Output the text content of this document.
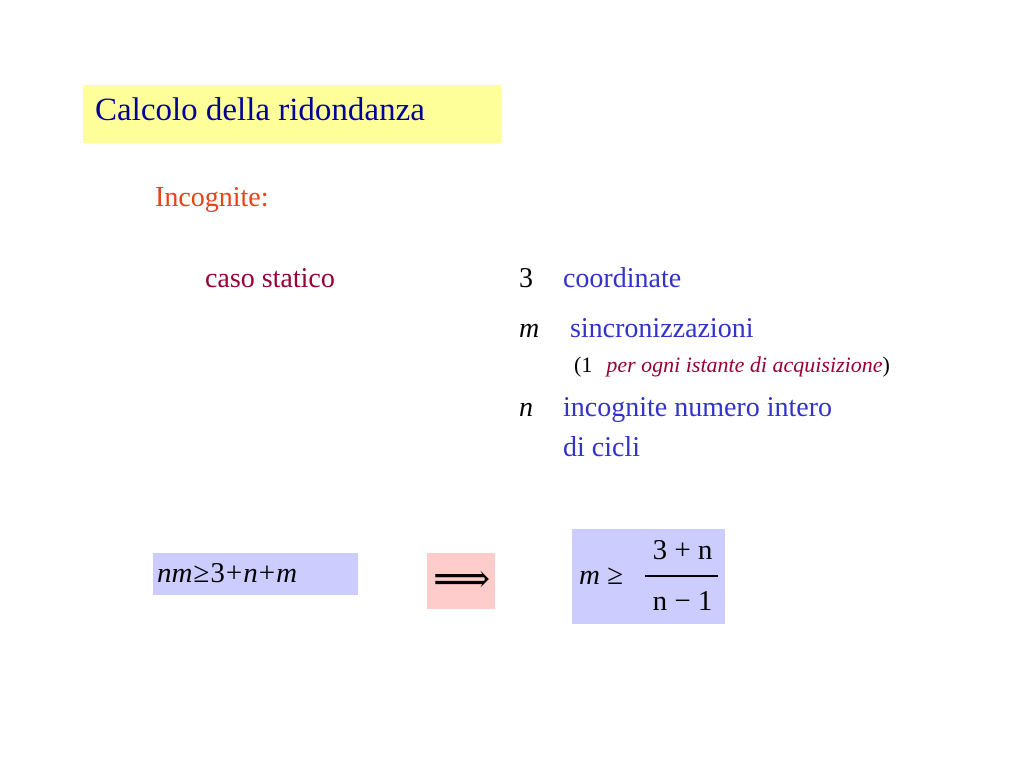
Calcolo della ridondanza
Incognite:
caso statico	3 coordinate
m sincronizzazioni
(1 per ogni istante di acquisizione)
n incognite numero intero
di cicli
nm≥3+n+m	⟹	m ≥
3 + n
n − 1
